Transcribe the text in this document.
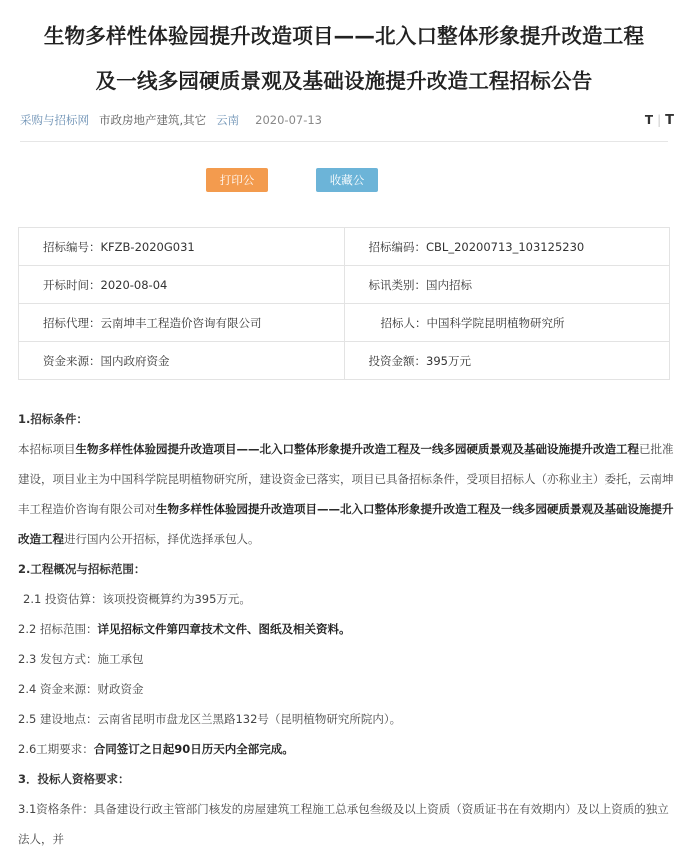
生物多样性体验园提升改造项目——北入口整体形象提升改造工程
及一线多园硬质景观及基础设施提升改造工程招标公告
采购与招标网 市政房地产建筑,其它 云南 2020-07-13	T | T
打印公告
收藏公告
招标编号：KFZB-2020G031	招标编码：CBL_20200713_103125230
开标时间：2020-08-04	标讯类别：国内招标
招标代理：云南坤丰工程造价咨询有限公司	招标人：中国科学院昆明植物研究所
资金来源：国内政府资金	投资金额：395万元

1.招标条件：

本招标项目生物多样性体验园提升改造项目——北入口整体形象提升改造工程及一线多园硬质景观及基础设施提升改造工程已批准建设，项目业主为中国科学院昆明植物研究所，建设资金已落实，项目已具备招标条件，受项目招标人（亦称业主）委托，云南坤丰工程造价咨询有限公司对生物多样性体验园提升改造项目——北入口整体形象提升改造工程及一线多园硬质景观及基础设施提升改造工程进行国内公开招标，择优选择承包人。

2.工程概况与招标范围：

2.1 投资估算：该项投资概算约为395万元。

2.2 招标范围：详见招标文件第四章技术文件、图纸及相关资料。

2.3 发包方式：施工承包

2.4 资金来源：财政资金

2.5 建设地点：云南省昆明市盘龙区兰黑路132号（昆明植物研究所院内）。

2.6工期要求：合同签订之日起90日历天内全部完成。

3．投标人资格要求：

3.1资格条件：具备建设行政主管部门核发的房屋建筑工程施工总承包叁级及以上资质（资质证书在有效期内）及以上资质的独立法人，并
